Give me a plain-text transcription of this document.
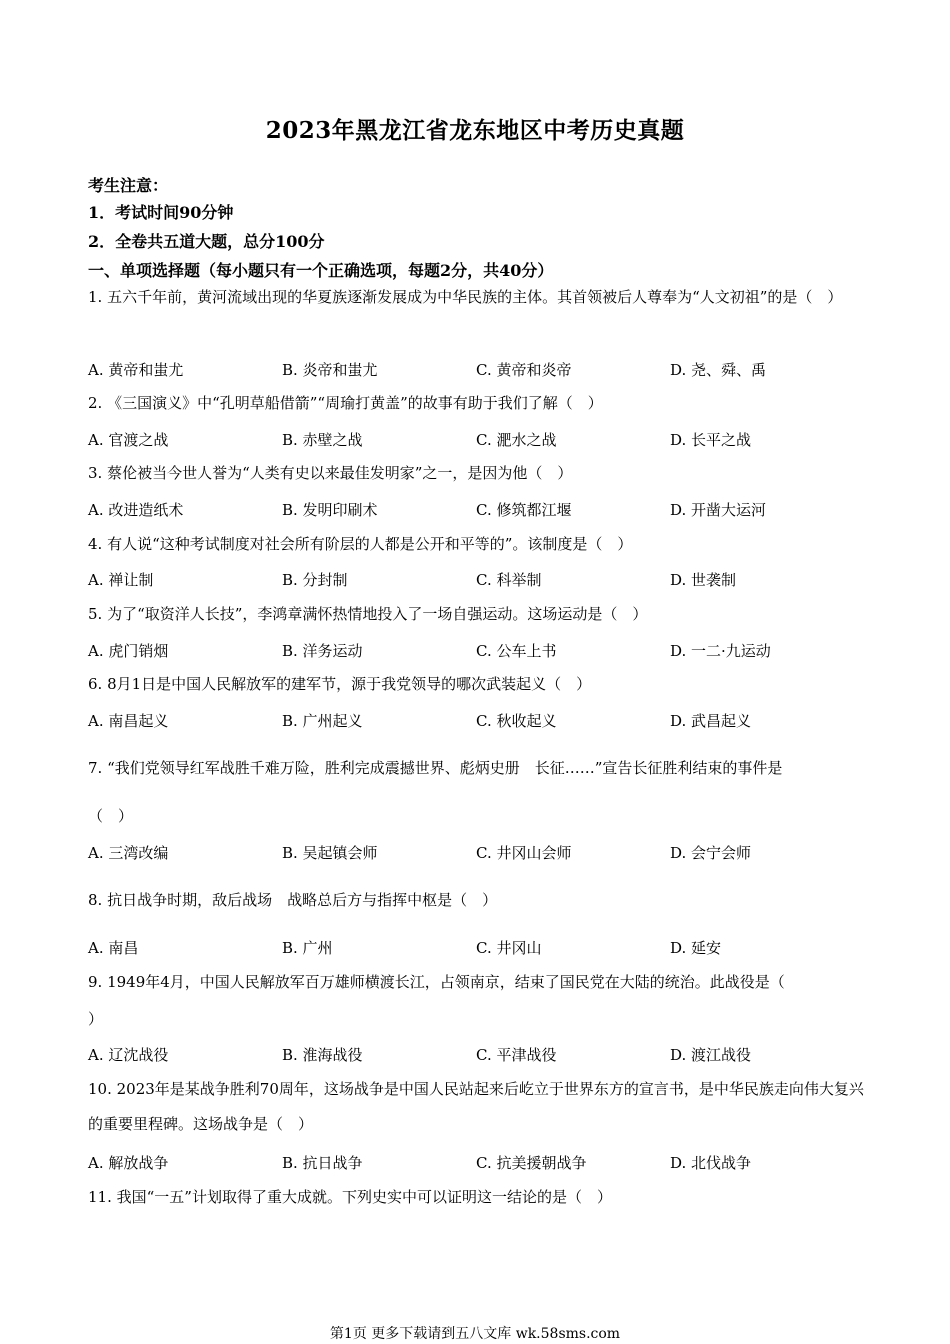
2023年黑龙江省龙东地区中考历史真题
考生注意：
1．考试时间90分钟
2．全卷共五道大题，总分100分
一、单项选择题（每小题只有一个正确选项，每题2分，共40分）
1. 五六千年前，黄河流域出现的华夏族逐渐发展成为中华民族的主体。其首领被后人尊奉为“人文初祖”的是（　）
A. 黄帝和蚩尤	B. 炎帝和蚩尤	C. 黄帝和炎帝	D. 尧、舜、禹
2. 《三国演义》中“孔明草船借箭”“周瑜打黄盖”的故事有助于我们了解（　）
A. 官渡之战	B. 赤壁之战	C. 淝水之战	D. 长平之战
3. 蔡伦被当今世人誉为“人类有史以来最佳发明家”之一，是因为他（　）
A. 改进造纸术	B. 发明印刷术	C. 修筑都江堰	D. 开凿大运河
4. 有人说“这种考试制度对社会所有阶层的人都是公开和平等的”。该制度是（　）
A. 禅让制	B. 分封制	C. 科举制	D. 世袭制
5. 为了“取资洋人长技”，李鸿章满怀热情地投入了一场自强运动。这场运动是（　）
A. 虎门销烟	B. 洋务运动	C. 公车上书	D. 一二·九运动
6. 8月1日是中国人民解放军的建军节，源于我党领导的哪次武装起义（　）
A. 南昌起义	B. 广州起义	C. 秋收起义	D. 武昌起义
7. “我们党领导红军战胜千难万险，胜利完成震撼世界、彪炳史册　长征……”宣告长征胜利结束的事件是
（　）
A. 三湾改编	B. 吴起镇会师	C. 井冈山会师	D. 会宁会师
8. 抗日战争时期，敌后战场　战略总后方与指挥中枢是（　）
A. 南昌	B. 广州	C. 井冈山	D. 延安
9. 1949年4月，中国人民解放军百万雄师横渡长江，占领南京，结束了国民党在大陆的统治。此战役是（
）
A. 辽沈战役	B. 淮海战役	C. 平津战役	D. 渡江战役
10. 2023年是某战争胜利70周年，这场战争是中国人民站起来后屹立于世界东方的宣言书，是中华民族走向伟大复兴的重要里程碑。这场战争是（　）
A. 解放战争	B. 抗日战争	C. 抗美援朝战争	D. 北伐战争
11. 我国“一五”计划取得了重大成就。下列史实中可以证明这一结论的是（　）
第1页 更多下载请到五八文库 wk.58sms.com
